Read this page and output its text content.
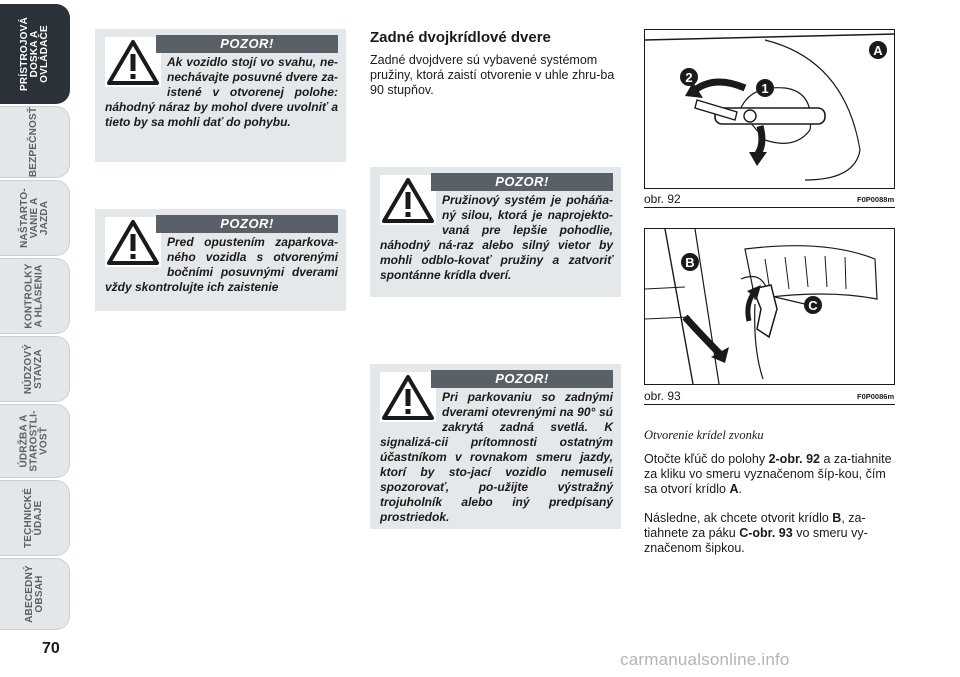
PRÍSTROJOVÁ
DOSKA A
OVLÁDAČE
BEZPEČNOSŤ
NAŠTARTO-
VANIE A
JAZDA
KONTROLKY
A HLÁSENIA
NÚDZOVÝ
STAVZA
ÚDRŽBA A
STAROSTLI-
VOSŤ
TECHNICKÉ
ÚDAJE
ABECEDNÝ
OBSAH
70
POZOR!

Ak vozidlo stojí vo svahu, ne-nechávajte posuvné dvere za-istené v otvorenej polohe: náhodný náraz by mohol dvere uvolniť a tieto by sa mohli dať do pohybu.

POZOR!

Pred opustením zaparkova-ného vozidla s otvorenými bočními posuvnými dverami vždy skontrolujte ich zaistenie

POZOR!

Pružinový systém je poháňa-ný silou, ktorá je naprojekto-vaná pre lepšie pohodlie, náhodný ná-raz alebo silný vietor by mohli odblo-kovať pružiny a zatvoriť spontánne krídla dverí.

POZOR!

Pri parkovaniu so zadnými dverami otevrenými na 90° sú zakrytá zadná svetlá. K signalizá-cii prítomnosti ostatným účastníkom v rovnakom smeru jazdy, ktorí by sto-jací vozidlo nemuseli spozorovať, po-užijte výstražný trojuholník alebo iný predpísaný prostriedok.

Zadné dvojkrídlové dvere

Zadné dvojdvere sú vybavené systémom pružiny, ktorá zaistí otvorenie v uhle zhru-ba 90 stupňov.

2
1
A
obr. 92	F0P0088m
B
C
obr. 93	F0P0086m
Otvorenie krídel zvonku

Otočte kľúč do polohy 2-obr. 92 a za-tiahnite za kliku vo smeru vyznačenom šíp-kou, čím sa otvorí krídlo A.

Následne, ak chcete otvorit krídlo B, za-tiahnete za páku C-obr. 93 vo smeru vy-značenom šipkou.

carmanualsonline.info
